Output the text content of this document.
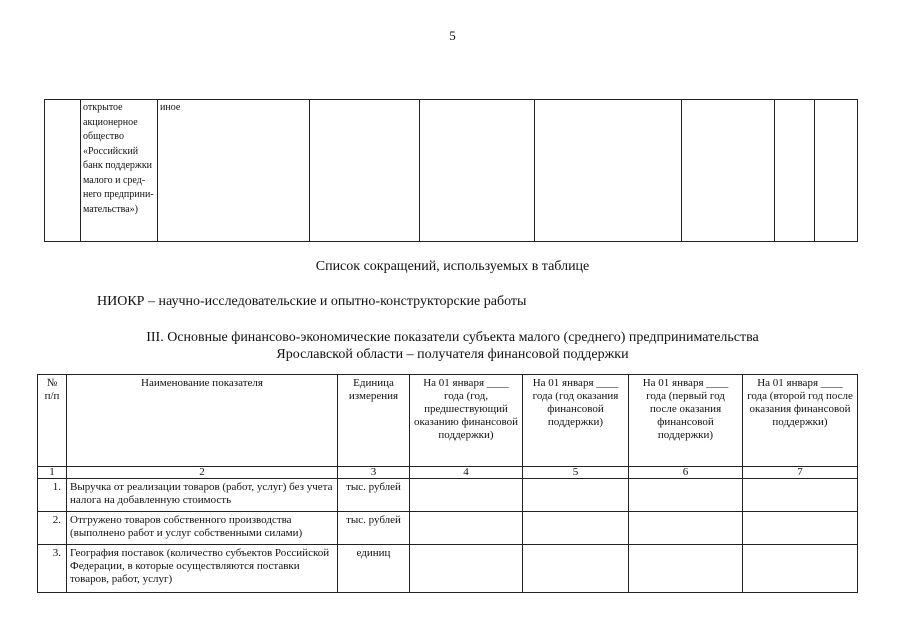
5
	открытое акционерное общество «Российский банк поддержки малого и сред-него предприни-мательства»)	иное						
Список сокращений, используемых в таблице
НИОКР – научно-исследовательские и опытно-конструкторские работы
III. Основные финансово-экономические показатели субъекта малого (среднего) предпринимательства
Ярославской области – получателя финансовой поддержки
№ п/п	Наименование показателя	Единица измерения	На 01 января ____ года (год, предшествующий оказанию финансовой поддержки)	На 01 января ____ года (год оказания финансовой поддержки)	На 01 января ____ года (первый год после оказания финансовой поддержки)	На 01 января ____ года (второй год после оказания финансовой поддержки)
1	2	3	4	5	6	7
1.	Выручка от реализации товаров (работ, услуг) без учета налога на добавленную стоимость	тыс. рублей				
2.	Отгружено товаров собственного производства (выполнено работ и услуг собственными силами)	тыс. рублей				
3.	География поставок (количество субъектов Российской Федерации, в которые осуществляются поставки товаров, работ, услуг)	единиц				
